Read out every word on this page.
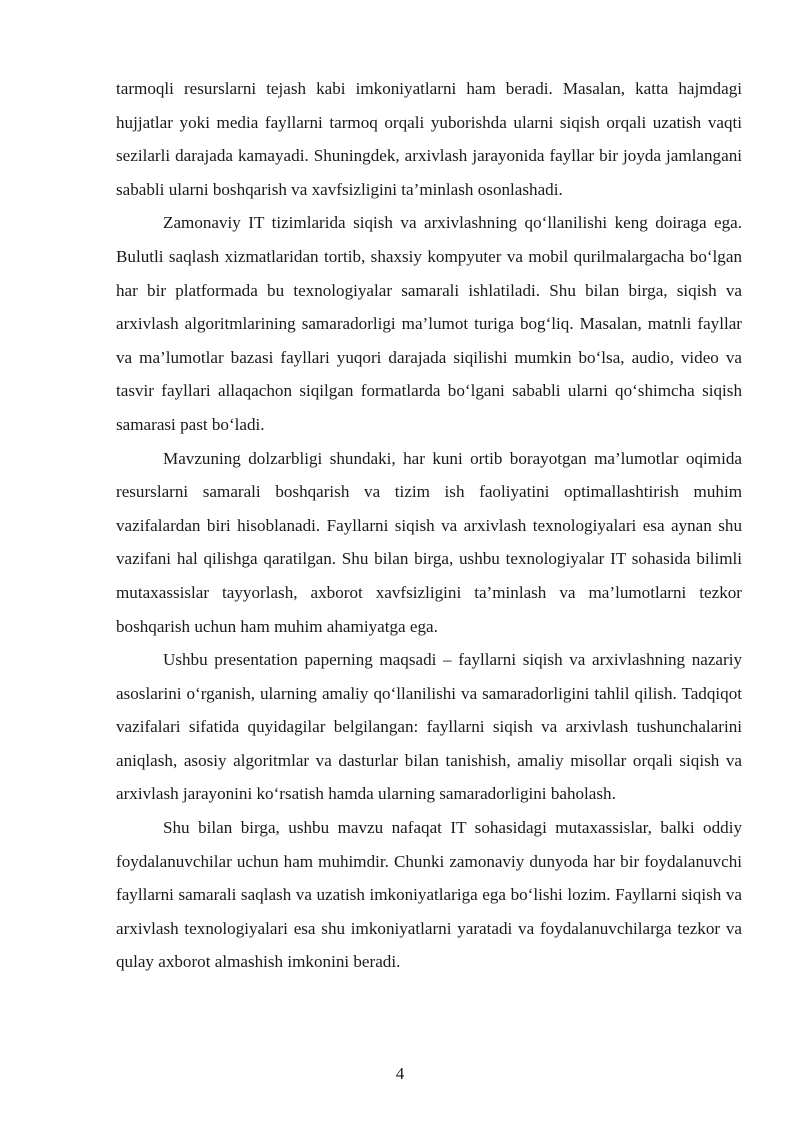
tarmoqli resurslarni tejash kabi imkoniyatlarni ham beradi. Masalan, katta hajmdagi hujjatlar yoki media fayllarni tarmoq orqali yuborishda ularni siqish orqali uzatish vaqti sezilarli darajada kamayadi. Shuningdek, arxivlash jarayonida fayllar bir joyda jamlangani sababli ularni boshqarish va xavfsizligini ta’minlash osonlashadi.

Zamonaviy IT tizimlarida siqish va arxivlashning qo‘llanilishi keng doiraga ega. Bulutli saqlash xizmatlaridan tortib, shaxsiy kompyuter va mobil qurilmalargacha bo‘lgan har bir platformada bu texnologiyalar samarali ishlatiladi. Shu bilan birga, siqish va arxivlash algoritmlarining samaradorligi ma’lumot turiga bog‘liq. Masalan, matnli fayllar va ma’lumotlar bazasi fayllari yuqori darajada siqilishi mumkin bo‘lsa, audio, video va tasvir fayllari allaqachon siqilgan formatlarda bo‘lgani sababli ularni qo‘shimcha siqish samarasi past bo‘ladi.

Mavzuning dolzarbligi shundaki, har kuni ortib borayotgan ma’lumotlar oqimida resurslarni samarali boshqarish va tizim ish faoliyatini optimallashtirish muhim vazifalardan biri hisoblanadi. Fayllarni siqish va arxivlash texnologiyalari esa aynan shu vazifani hal qilishga qaratilgan. Shu bilan birga, ushbu texnologiyalar IT sohasida bilimli mutaxassislar tayyorlash, axborot xavfsizligini ta’minlash va ma’lumotlarni tezkor boshqarish uchun ham muhim ahamiyatga ega.

Ushbu presentation paperning maqsadi – fayllarni siqish va arxivlashning nazariy asoslarini o‘rganish, ularning amaliy qo‘llanilishi va samaradorligini tahlil qilish. Tadqiqot vazifalari sifatida quyidagilar belgilangan: fayllarni siqish va arxivlash tushunchalarini aniqlash, asosiy algoritmlar va dasturlar bilan tanishish, amaliy misollar orqali siqish va arxivlash jarayonini ko‘rsatish hamda ularning samaradorligini baholash.

Shu bilan birga, ushbu mavzu nafaqat IT sohasidagi mutaxassislar, balki oddiy foydalanuvchilar uchun ham muhimdir. Chunki zamonaviy dunyoda har bir foydalanuvchi fayllarni samarali saqlash va uzatish imkoniyatlariga ega bo‘lishi lozim. Fayllarni siqish va arxivlash texnologiyalari esa shu imkoniyatlarni yaratadi va foydalanuvchilarga tezkor va qulay axborot almashish imkonini beradi.

4
